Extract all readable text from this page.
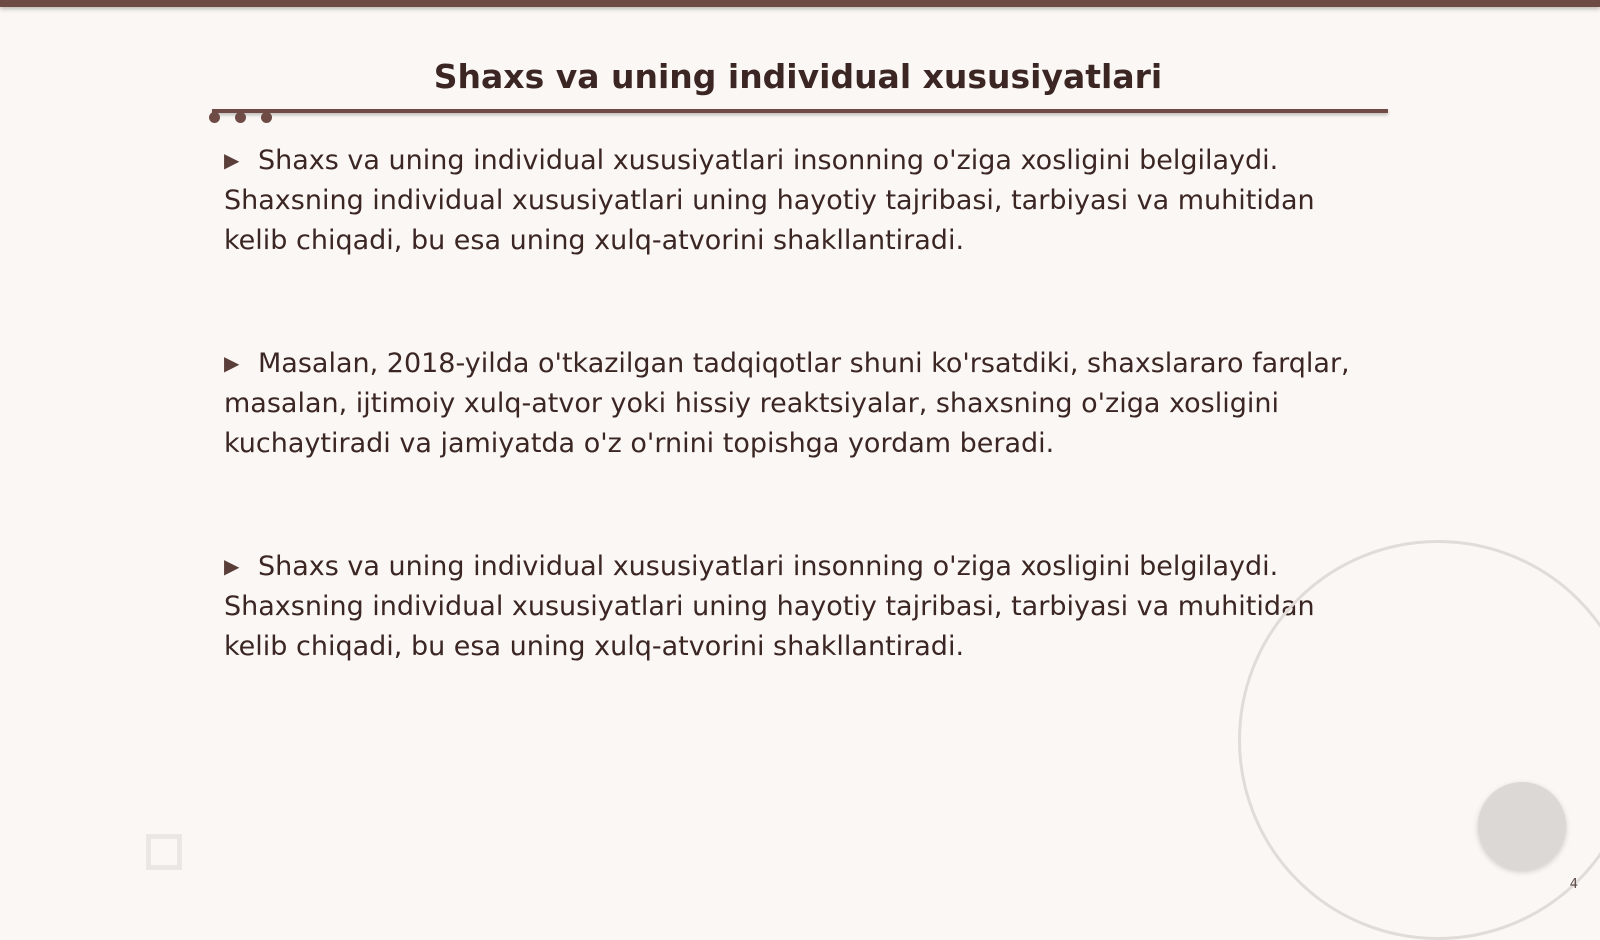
Shaxs va uning individual xususiyatlari

▶ Shaxs va uning individual xususiyatlari insonning o'ziga xosligini belgilaydi. Shaxsning individual xususiyatlari uning hayotiy tajribasi, tarbiyasi va muhitidan kelib chiqadi, bu esa uning xulq-atvorini shakllantiradi.

▶ Masalan, 2018-yilda o'tkazilgan tadqiqotlar shuni ko'rsatdiki, shaxslararo farqlar, masalan, ijtimoiy xulq-atvor yoki hissiy reaktsiyalar, shaxsning o'ziga xosligini kuchaytiradi va jamiyatda o'z o'rnini topishga yordam beradi.

▶ Shaxs va uning individual xususiyatlari insonning o'ziga xosligini belgilaydi. Shaxsning individual xususiyatlari uning hayotiy tajribasi, tarbiyasi va muhitidan kelib chiqadi, bu esa uning xulq-atvorini shakllantiradi.

4
